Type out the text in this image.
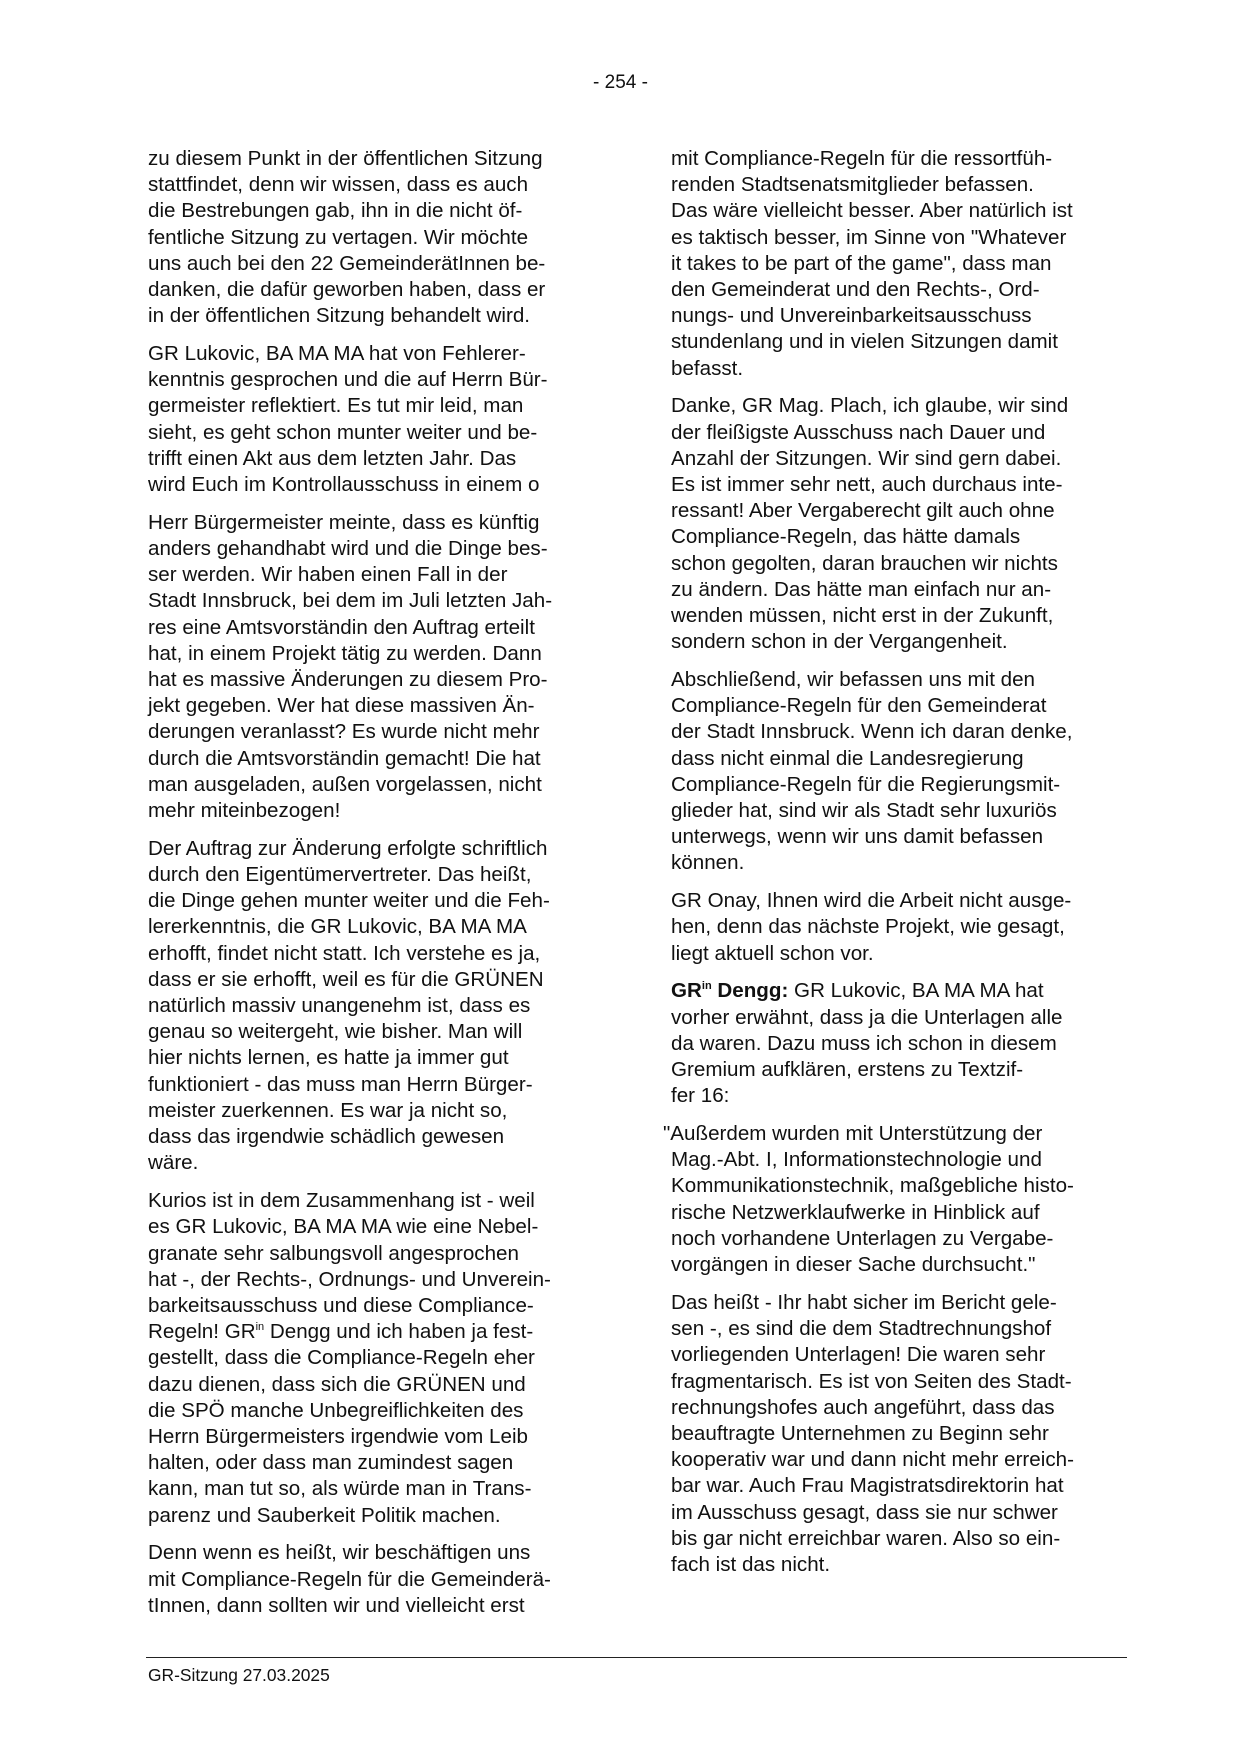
- 254 -

zu diesem Punkt in der öffentlichen Sitzung
stattfindet, denn wir wissen, dass es auch
die Bestrebungen gab, ihn in die nicht öf-
fentliche Sitzung zu vertagen. Wir möchte
uns auch bei den 22 GemeinderätInnen be-
danken, die dafür geworben haben, dass er
in der öffentlichen Sitzung behandelt wird.

GR Lukovic, BA MA MA hat von Fehlerer-
kenntnis gesprochen und die auf Herrn Bür-
germeister reflektiert. Es tut mir leid, man
sieht, es geht schon munter weiter und be-
trifft einen Akt aus dem letzten Jahr. Das
wird Euch im Kontrollausschuss in einem o

Herr Bürgermeister meinte, dass es künftig
anders gehandhabt wird und die Dinge bes-
ser werden. Wir haben einen Fall in der
Stadt Innsbruck, bei dem im Juli letzten Jah-
res eine Amtsvorständin den Auftrag erteilt
hat, in einem Projekt tätig zu werden. Dann
hat es massive Änderungen zu diesem Pro-
jekt gegeben. Wer hat diese massiven Än-
derungen veranlasst? Es wurde nicht mehr
durch die Amtsvorständin gemacht! Die hat
man ausgeladen, außen vorgelassen, nicht
mehr miteinbezogen!

Der Auftrag zur Änderung erfolgte schriftlich
durch den Eigentümervertreter. Das heißt,
die Dinge gehen munter weiter und die Feh-
lererkenntnis, die GR Lukovic, BA MA MA
erhofft, findet nicht statt. Ich verstehe es ja,
dass er sie erhofft, weil es für die GRÜNEN
natürlich massiv unangenehm ist, dass es
genau so weitergeht, wie bisher. Man will
hier nichts lernen, es hatte ja immer gut
funktioniert - das muss man Herrn Bürger-
meister zuerkennen. Es war ja nicht so,
dass das irgendwie schädlich gewesen
wäre.

Kurios ist in dem Zusammenhang ist - weil
es GR Lukovic, BA MA MA wie eine Nebel-
granate sehr salbungsvoll angesprochen
hat -, der Rechts-, Ordnungs- und Unverein-
barkeitsausschuss und diese Compliance-
Regeln! $GR^{in}$ Dengg und ich haben ja fest-
gestellt, dass die Compliance-Regeln eher
dazu dienen, dass sich die GRÜNEN und
die SPÖ manche Unbegreiflichkeiten des
Herrn Bürgermeisters irgendwie vom Leib
halten, oder dass man zumindest sagen
kann, man tut so, als würde man in Trans-
parenz und Sauberkeit Politik machen.

Denn wenn es heißt, wir beschäftigen uns
mit Compliance-Regeln für die Gemeinderä-
tInnen, dann sollten wir und vielleicht erst

mit Compliance-Regeln für die ressortfüh-
renden Stadtsenatsmitglieder befassen.
Das wäre vielleicht besser. Aber natürlich ist
es taktisch besser, im Sinne von "Whatever
it takes to be part of the game", dass man
den Gemeinderat und den Rechts-, Ord-
nungs- und Unvereinbarkeitsausschuss
stundenlang und in vielen Sitzungen damit
befasst.

Danke, GR Mag. Plach, ich glaube, wir sind
der fleißigste Ausschuss nach Dauer und
Anzahl der Sitzungen. Wir sind gern dabei.
Es ist immer sehr nett, auch durchaus inte-
ressant! Aber Vergaberecht gilt auch ohne
Compliance-Regeln, das hätte damals
schon gegolten, daran brauchen wir nichts
zu ändern. Das hätte man einfach nur an-
wenden müssen, nicht erst in der Zukunft,
sondern schon in der Vergangenheit.

Abschließend, wir befassen uns mit den
Compliance-Regeln für den Gemeinderat
der Stadt Innsbruck. Wenn ich daran denke,
dass nicht einmal die Landesregierung
Compliance-Regeln für die Regierungsmit-
glieder hat, sind wir als Stadt sehr luxuriös
unterwegs, wenn wir uns damit befassen
können.

GR Onay, Ihnen wird die Arbeit nicht ausge-
hen, denn das nächste Projekt, wie gesagt,
liegt aktuell schon vor.

$GR^{in}$ Dengg: GR Lukovic, BA MA MA hat
vorher erwähnt, dass ja die Unterlagen alle
da waren. Dazu muss ich schon in diesem
Gremium aufklären, erstens zu Textzif-
fer 16:

"Außerdem wurden mit Unterstützung der
Mag.-Abt. I, Informationstechnologie und
Kommunikationstechnik, maßgebliche histo-
rische Netzwerklaufwerke in Hinblick auf
noch vorhandene Unterlagen zu Vergabe-
vorgängen in dieser Sache durchsucht."

Das heißt - Ihr habt sicher im Bericht gele-
sen -, es sind die dem Stadtrechnungshof
vorliegenden Unterlagen! Die waren sehr
fragmentarisch. Es ist von Seiten des Stadt-
rechnungshofes auch angeführt, dass das
beauftragte Unternehmen zu Beginn sehr
kooperativ war und dann nicht mehr erreich-
bar war. Auch Frau Magistratsdirektorin hat
im Ausschuss gesagt, dass sie nur schwer
bis gar nicht erreichbar waren. Also so ein-
fach ist das nicht.

GR-Sitzung 27.03.2025
